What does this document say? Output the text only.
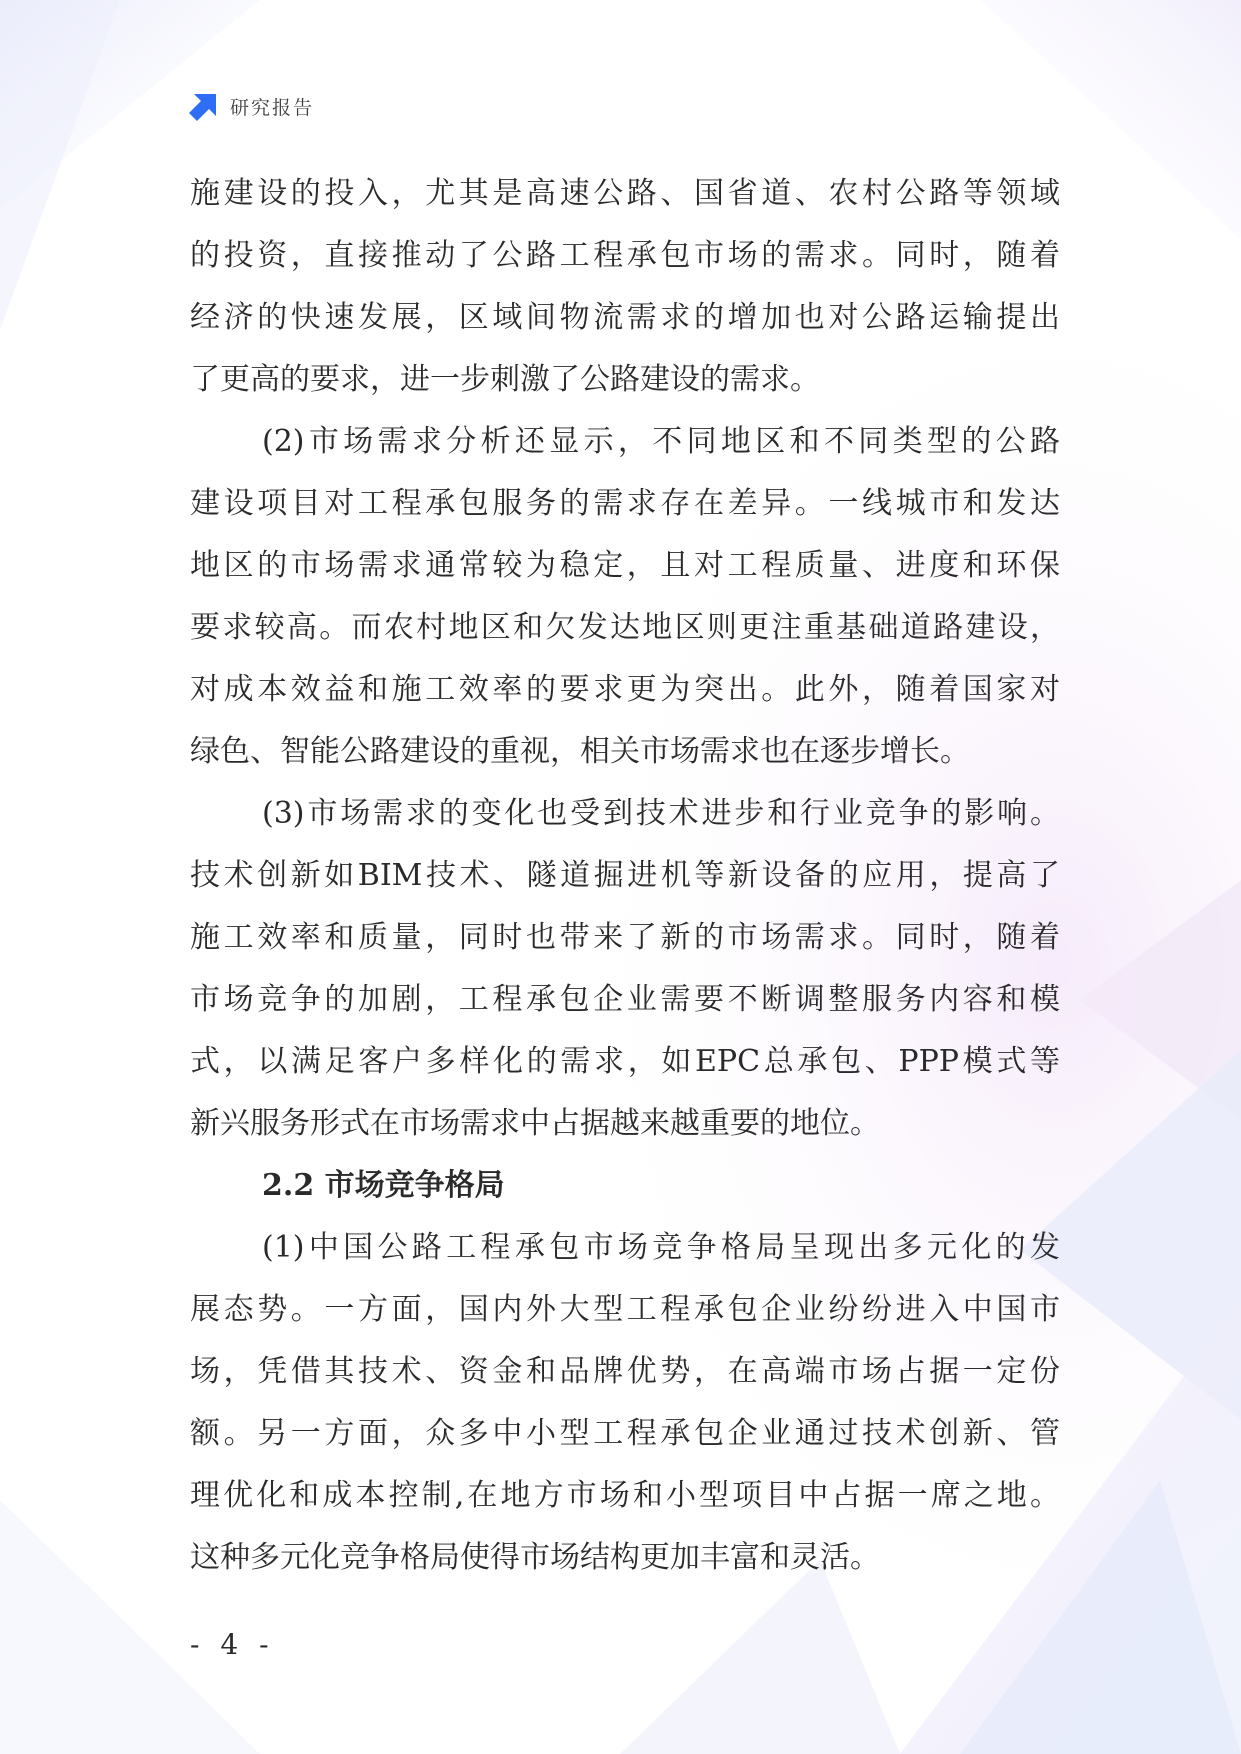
研究报告
施建设的投入，尤其是高速公路、国省道、农村公路等领域
的投资，直接推动了公路工程承包市场的需求。同时，随着
经济的快速发展，区域间物流需求的增加也对公路运输提出
了更高的要求，进一步刺激了公路建设的需求。
(2)市场需求分析还显示，不同地区和不同类型的公路
建设项目对工程承包服务的需求存在差异。一线城市和发达
地区的市场需求通常较为稳定，且对工程质量、进度和环保
要求较高。而农村地区和欠发达地区则更注重基础道路建设，
对成本效益和施工效率的要求更为突出。此外，随着国家对
绿色、智能公路建设的重视，相关市场需求也在逐步增长。
(3)市场需求的变化也受到技术进步和行业竞争的影响。
技术创新如BIM技术、隧道掘进机等新设备的应用，提高了
施工效率和质量，同时也带来了新的市场需求。同时，随着
市场竞争的加剧，工程承包企业需要不断调整服务内容和模
式，以满足客户多样化的需求，如EPC总承包、PPP模式等
新兴服务形式在市场需求中占据越来越重要的地位。
2.2 市场竞争格局
(1)中国公路工程承包市场竞争格局呈现出多元化的发
展态势。一方面，国内外大型工程承包企业纷纷进入中国市
场，凭借其技术、资金和品牌优势，在高端市场占据一定份
额。另一方面，众多中小型工程承包企业通过技术创新、管
理优化和成本控制,在地方市场和小型项目中占据一席之地。
这种多元化竞争格局使得市场结构更加丰富和灵活。
- 4 -
